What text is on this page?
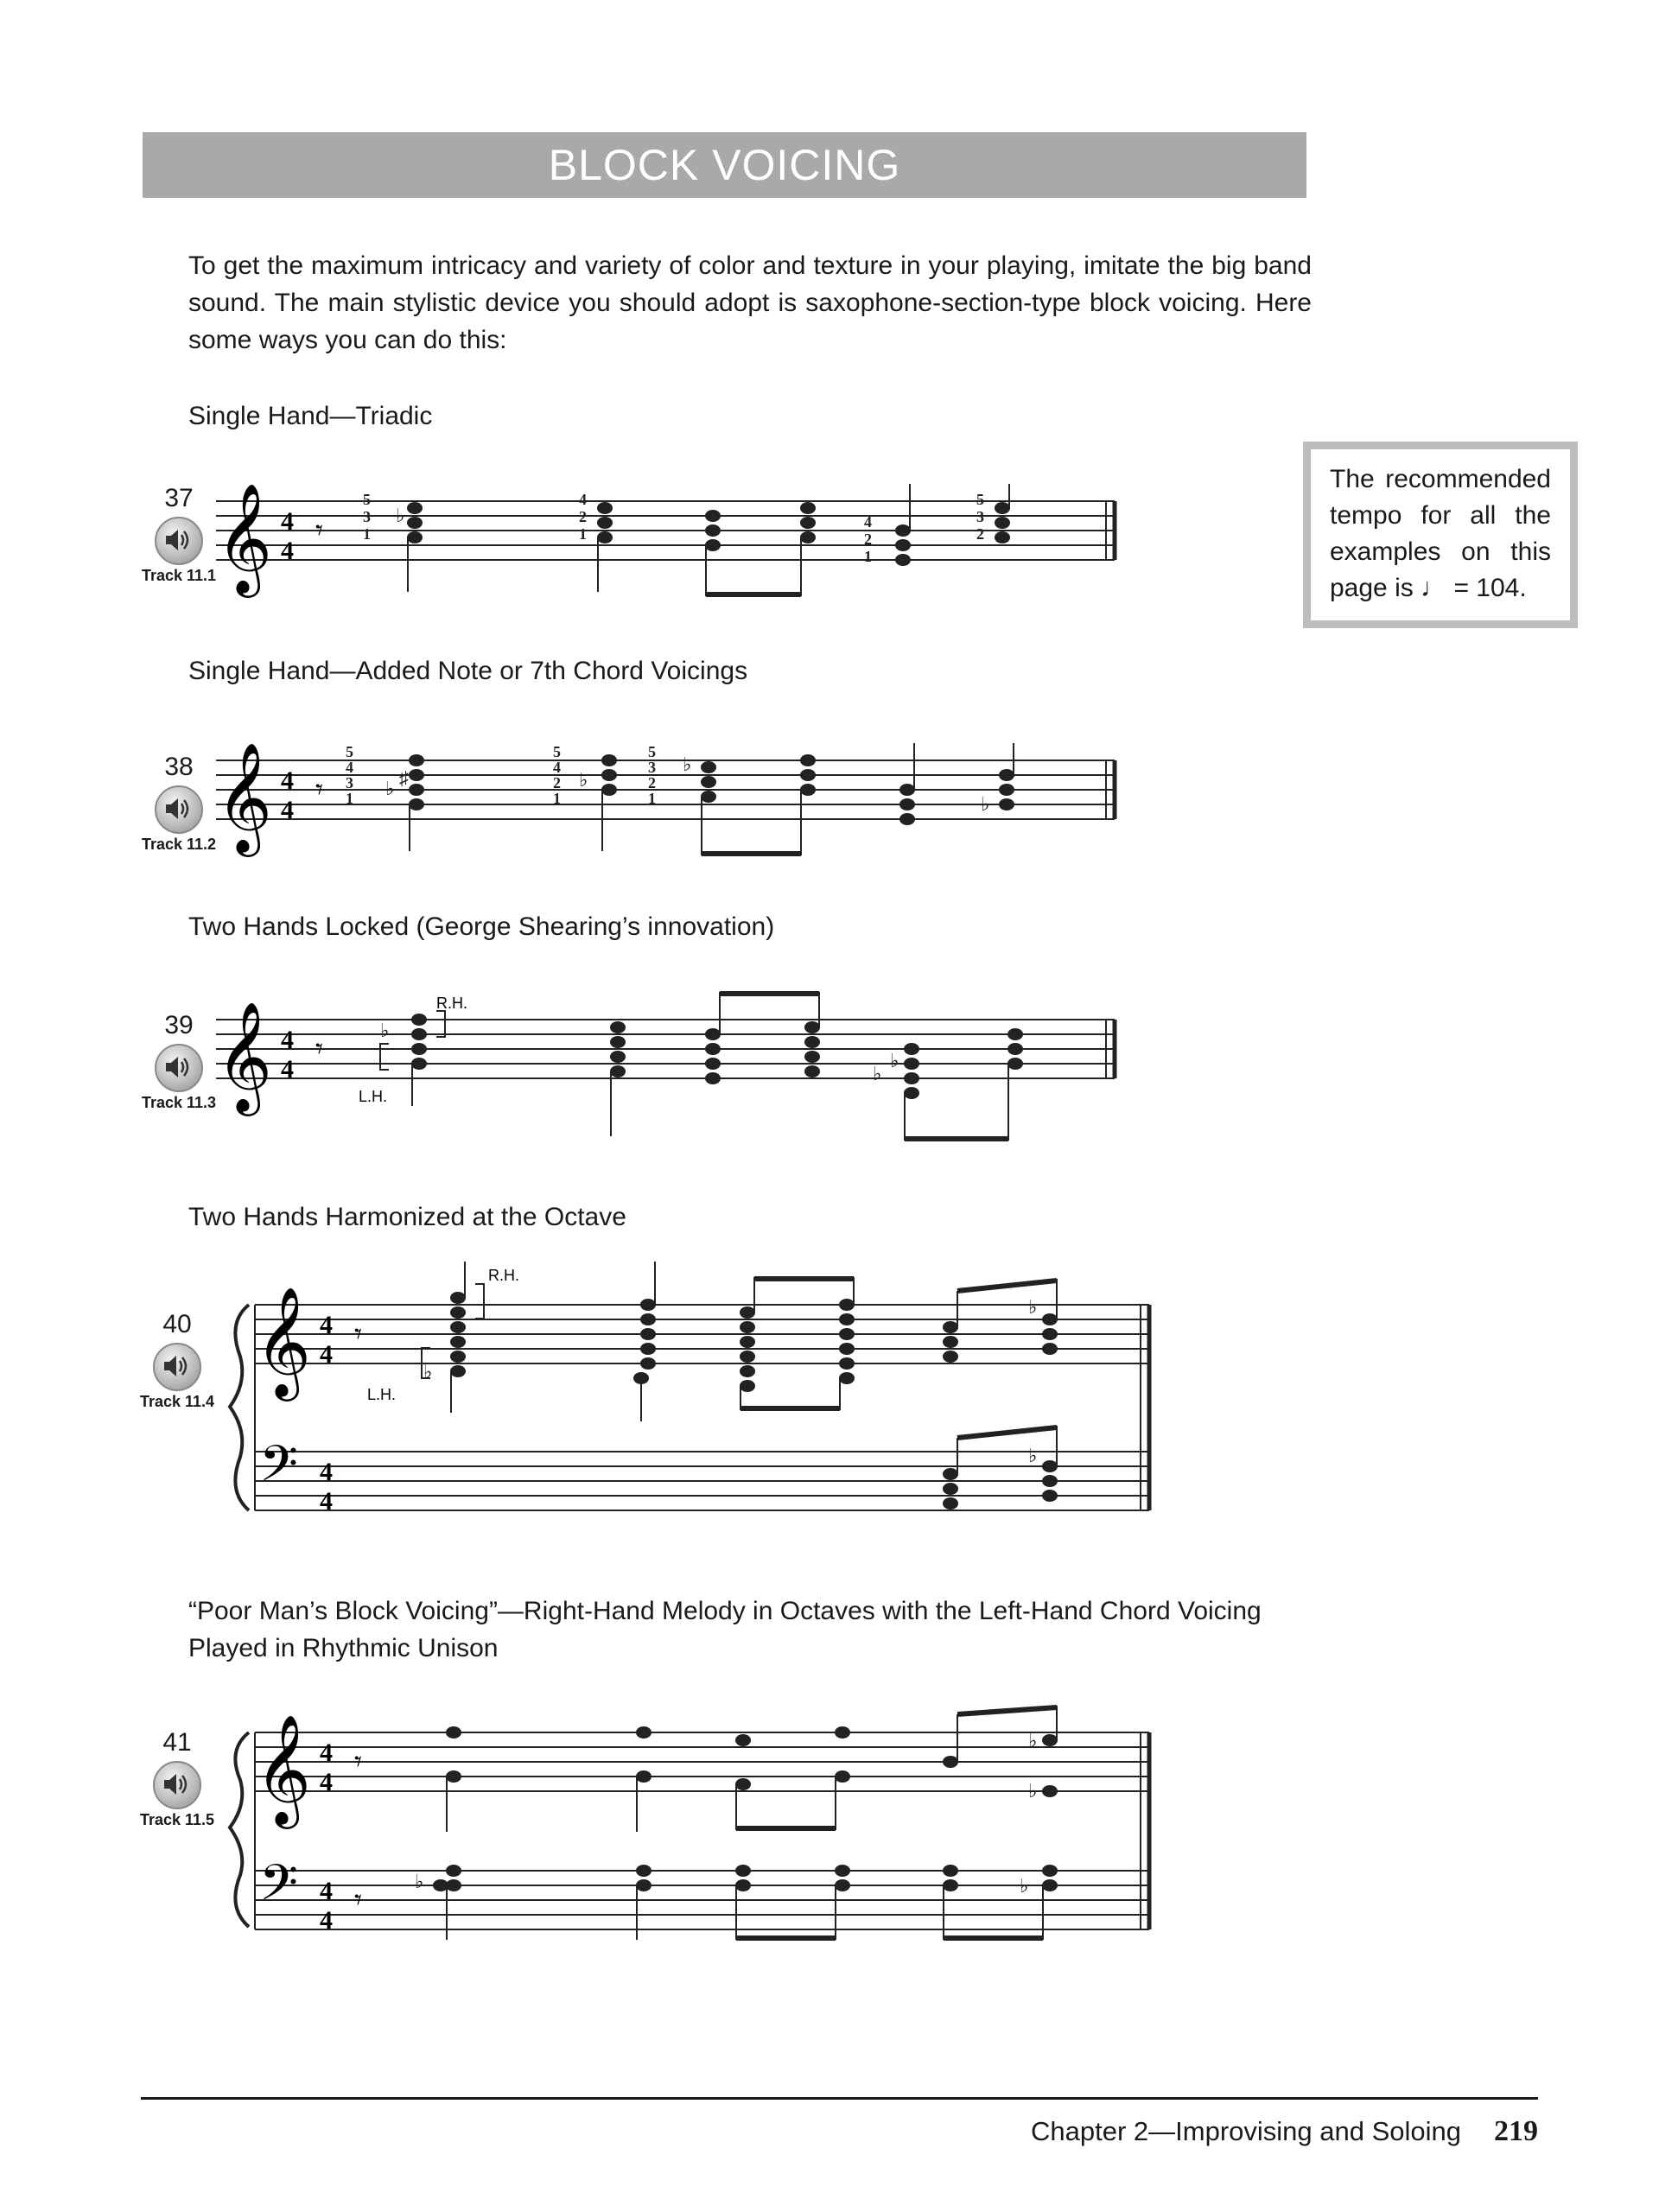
BLOCK VOICING
To get the maximum intricacy and variety of color and texture in your playing, imitate the big band sound. The main stylistic device you should adopt is saxophone-section-type block voicing. Here some ways you can do this:
Single Hand—Triadic
Single Hand—Added Note or 7th Chord Voicings
Two Hands Locked (George Shearing’s innovation)
Two Hands Harmonized at the Octave
“Poor Man’s Block Voicing”—Right-Hand Melody in Octaves with the Left-Hand Chord Voicing Played in Rhythmic Unison
The recommended
tempo for all the
examples on this
page is ♩ = 104.
37
Track 11.1
38
Track 11.2
39
Track 11.3
40
Track 11.4
41
Track 11.5
𝄞 4
4
𝄾	♭
5
3
1
4
2
1
4
2
1
5
3
2
𝄞 4
4
𝄾	♭ ♯	♭
♭
♭
5
4
3
1
5
4
2
1
5
3
2
1
𝄞 4
4
𝄾
♭
R.H.
L.H.
♭
♭
𝄞
𝄢
4
4
4
4
𝄾
♭
R.H.
L.H.
♭
♭
𝄞
𝄢
4
4
4
4
𝄾
𝄾
♭
♭
♭	♭
Chapter 2—Improvising and Soloing 219
